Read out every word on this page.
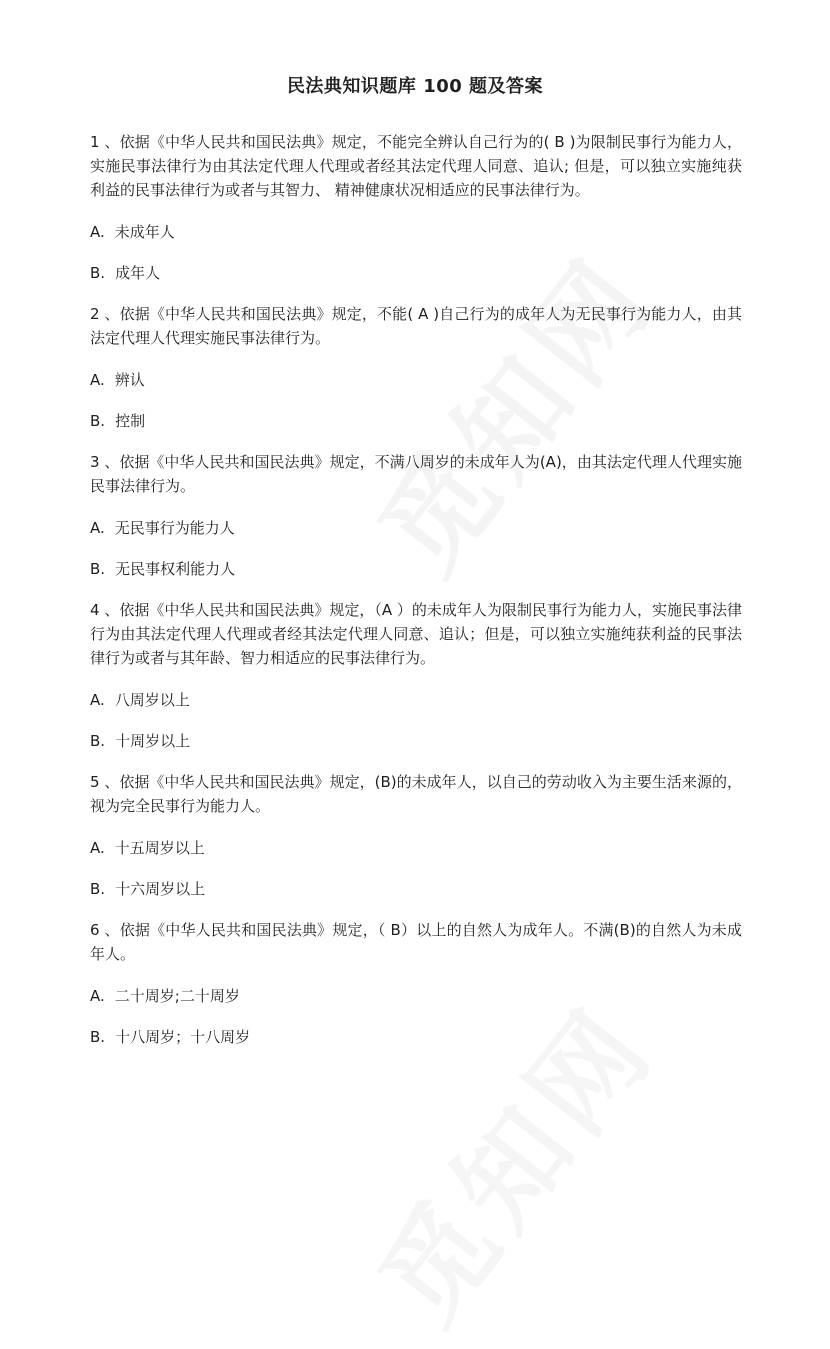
民法典知识题库 100 题及答案

1 、依据《中华人民共和国民法典》规定，不能完全辨认自己行为的( B )为限制民事行为能力人，实施民事法律行为由其法定代理人代理或者经其法定代理人同意、追认; 但是，可以独立实施纯获利益的民事法律行为或者与其智力、 精神健康状况相适应的民事法律行为。

A. 未成年人

B. 成年人

2 、依据《中华人民共和国民法典》规定，不能( A )自己行为的成年人为无民事行为能力人，由其法定代理人代理实施民事法律行为。

A. 辨认

B. 控制

3 、依据《中华人民共和国民法典》规定，不满八周岁的未成年人为(A)，由其法定代理人代理实施民事法律行为。

A. 无民事行为能力人

B. 无民事权利能力人

4 、依据《中华人民共和国民法典》规定，（A ）的未成年人为限制民事行为能力人，实施民事法律行为由其法定代理人代理或者经其法定代理人同意、追认；但是，可以独立实施纯获利益的民事法律行为或者与其年龄、智力相适应的民事法律行为。

A. 八周岁以上

B. 十周岁以上

5 、依据《中华人民共和国民法典》规定，(B)的未成年人，以自己的劳动收入为主要生活来源的，视为完全民事行为能力人。

A. 十五周岁以上

B. 十六周岁以上

6 、依据《中华人民共和国民法典》规定，（ B）以上的自然人为成年人。不满(B)的自然人为未成年人。

A. 二十周岁;二十周岁

B. 十八周岁；十八周岁
